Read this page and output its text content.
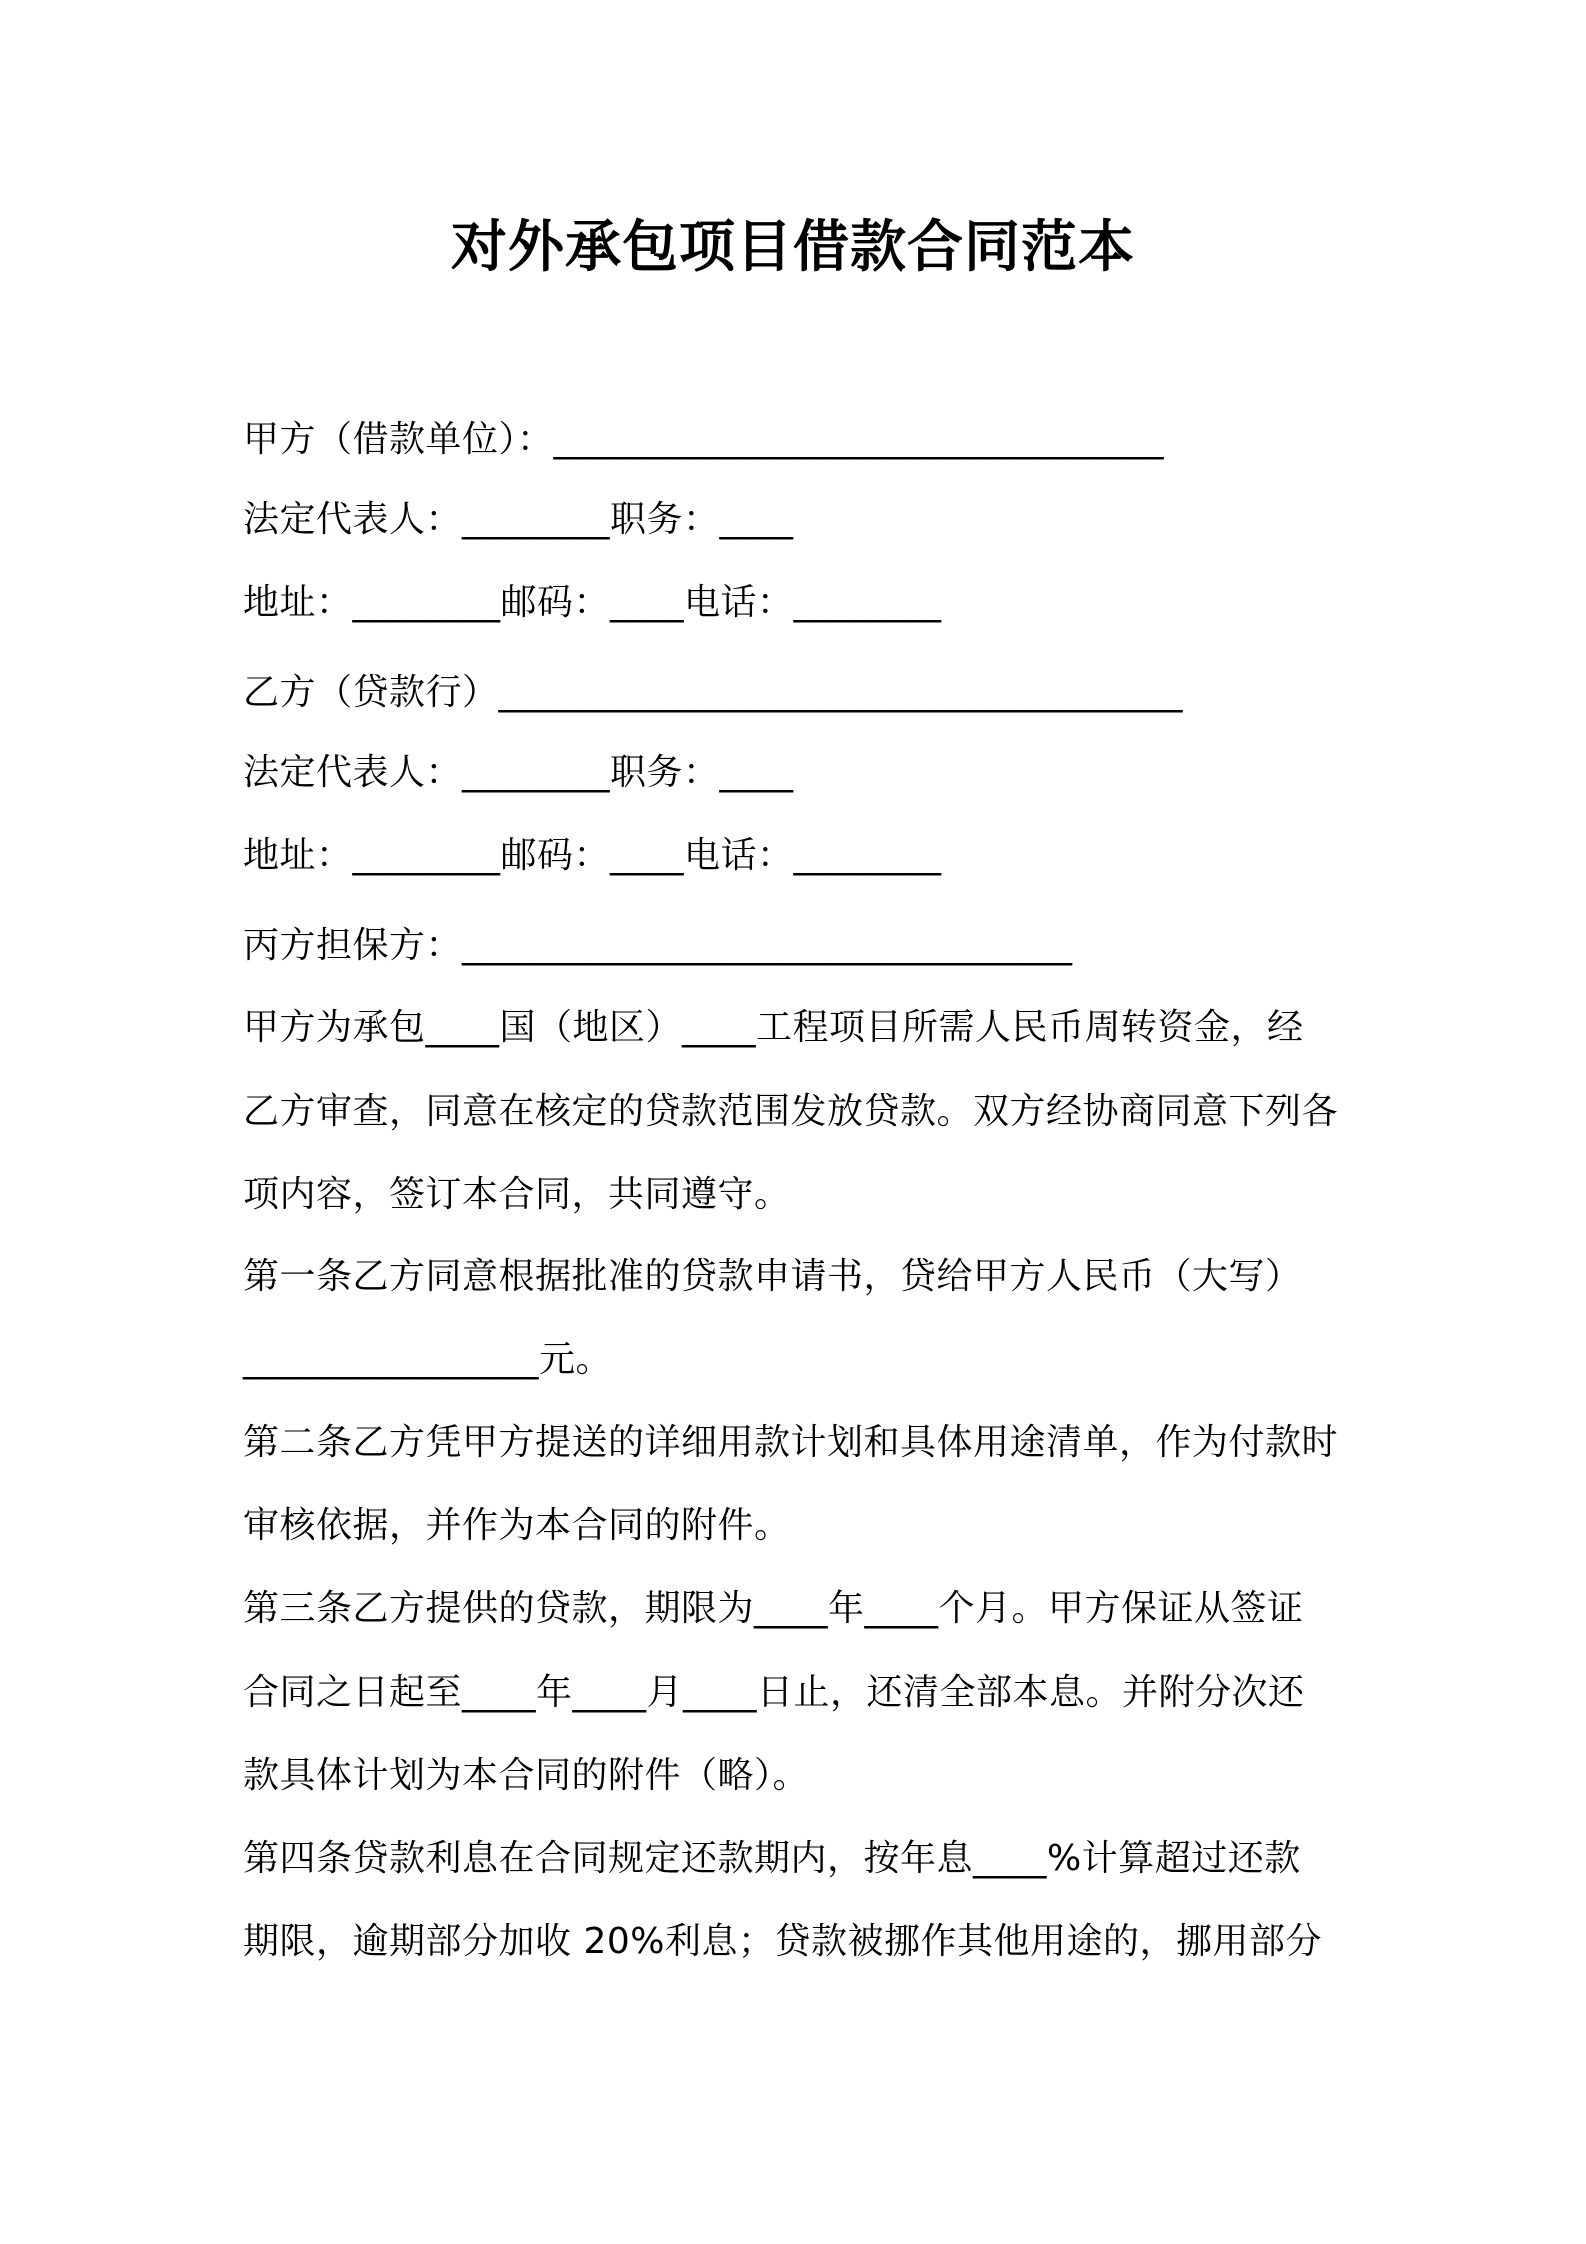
对外承包项目借款合同范本
甲方（借款单位）：_________________________________
法定代表人：________职务：____
地址：________邮码：____电话：________
乙方（贷款行）_____________________________________
法定代表人：________职务：____
地址：________邮码：____电话：________
丙方担保方：_________________________________
甲方为承包____国（地区）____工程项目所需人民币周转资金，经
乙方审查，同意在核定的贷款范围发放贷款。双方经协商同意下列各
项内容，签订本合同，共同遵守。
第一条乙方同意根据批准的贷款申请书，贷给甲方人民币（大写）
________________元。
第二条乙方凭甲方提送的详细用款计划和具体用途清单，作为付款时
审核依据，并作为本合同的附件。
第三条乙方提供的贷款，期限为____年____个月。甲方保证从签证
合同之日起至____年____月____日止，还清全部本息。并附分次还
款具体计划为本合同的附件（略）。
第四条贷款利息在合同规定还款期内，按年息____%计算超过还款
期限，逾期部分加收 20%利息；贷款被挪作其他用途的，挪用部分
